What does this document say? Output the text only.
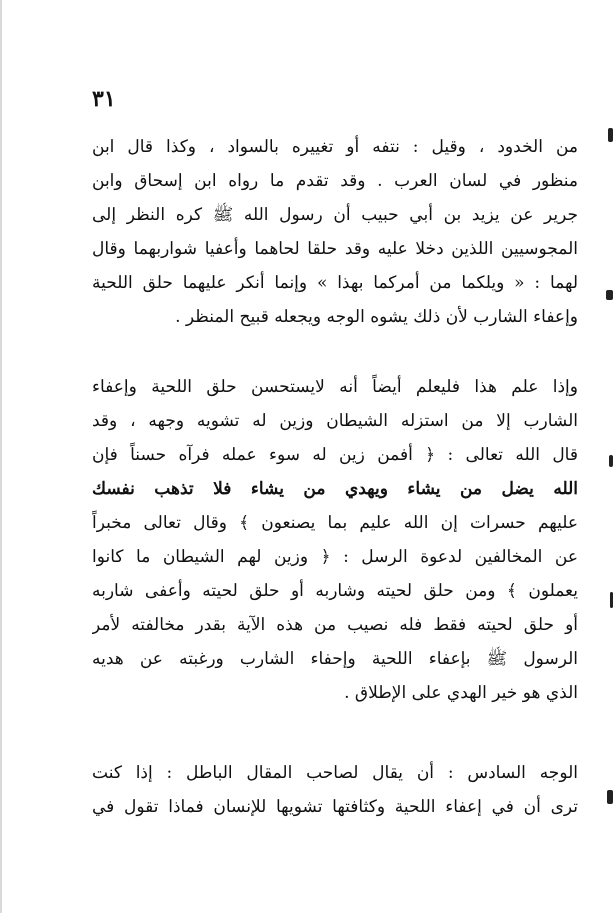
٣١
من الخدود ، وقيل : نتفه أو تغييره بالسواد ، وكذا قال ابن
منظور في لسان العرب . وقد تقدم ما رواه ابن إسحاق وابن
جرير عن يزيد بن أبي حبيب أن رسول الله ﷺ كره النظر إلى
المجوسيين اللذين دخلا عليه وقد حلقا لحاهما وأعفيا شواربهما وقال
لهما : « ويلكما من أمركما بهذا » وإنما أنكر عليهما حلق اللحية
وإعفاء الشارب لأن ذلك يشوه الوجه ويجعله قبيح المنظر .
وإذا علم هذا فليعلم أيضاً أنه لايستحسن حلق اللحية وإعفاء
الشارب إلا من استزله الشيطان وزين له تشويه وجهه ، وقد
قال الله تعالى : ﴿ أفمن زين له سوء عمله فرآه حسناً فإن
الله يضل من يشاء ويهدي من يشاء فلا تذهب نفسك
عليهم حسرات إن الله عليم بما يصنعون ﴾ وقال تعالى مخبراً
عن المخالفين لدعوة الرسل : ﴿ وزين لهم الشيطان ما كانوا
يعملون ﴾ ومن حلق لحيته وشاربه أو حلق لحيته وأعفى شاربه
أو حلق لحيته فقط فله نصيب من هذه الآية بقدر مخالفته لأمر
الرسول ﷺ بإعفاء اللحية وإحفاء الشارب ورغبته عن هديه
الذي هو خير الهدي على الإطلاق .
الوجه السادس : أن يقال لصاحب المقال الباطل : إذا كنت
ترى أن في إعفاء اللحية وكثافتها تشويها للإنسان فماذا تقول في
